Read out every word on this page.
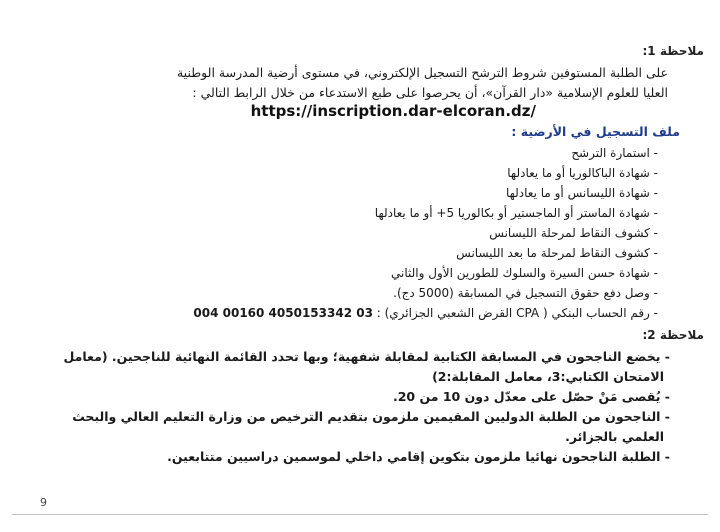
ملاحظة 1:
على الطلبة المستوفين شروط الترشح التسجيل الإلكتروني، في مستوى أرضية المدرسة الوطنية
العليا للعلوم الإسلامية «دار القرآن»، أن يحرصوا على طبع الاستدعاء من خلال الرابط التالي :
https://inscription.dar-elcoran.dz/
ملف التسجيل في الأرضية :
- استمارة الترشح
- شهادة الباكالوريا أو ما يعادلها
- شهادة الليسانس أو ما يعادلها
- شهادة الماستر أو الماجستير أو بكالوريا 5+ أو ما يعادلها
- كشوف النقاط لمرحلة الليسانس
- كشوف النقاط لمرحلة ما بعد الليسانس
- شهادة حسن السيرة والسلوك للطورين الأول والثاني
- وصل دفع حقوق التسجيل في المسابقة (5000 دج).
- رقم الحساب البنكي ( CPA القرض الشعبي الجزائري) : 004 00160 4050153342 03
ملاحظة 2:
- يخضع الناجحون في المسابقة الكتابية لمقابلة شفهية؛ وبها تحدد القائمة النهائية للناجحين. (معامل
الامتحان الكتابي:3، معامل المقابلة:2)
- يُقصى مَنْ حصّل على معدّل دون 10 من 20.
- الناجحون من الطلبة الدوليين المقيمين ملزمون بتقديم الترخيص من وزارة التعليم العالي والبحث
العلمي بالجزائر.
- الطلبة الناجحون نهائيا ملزمون بتكوين إقامي داخلي لموسمين دراسيين متتابعين.
9
